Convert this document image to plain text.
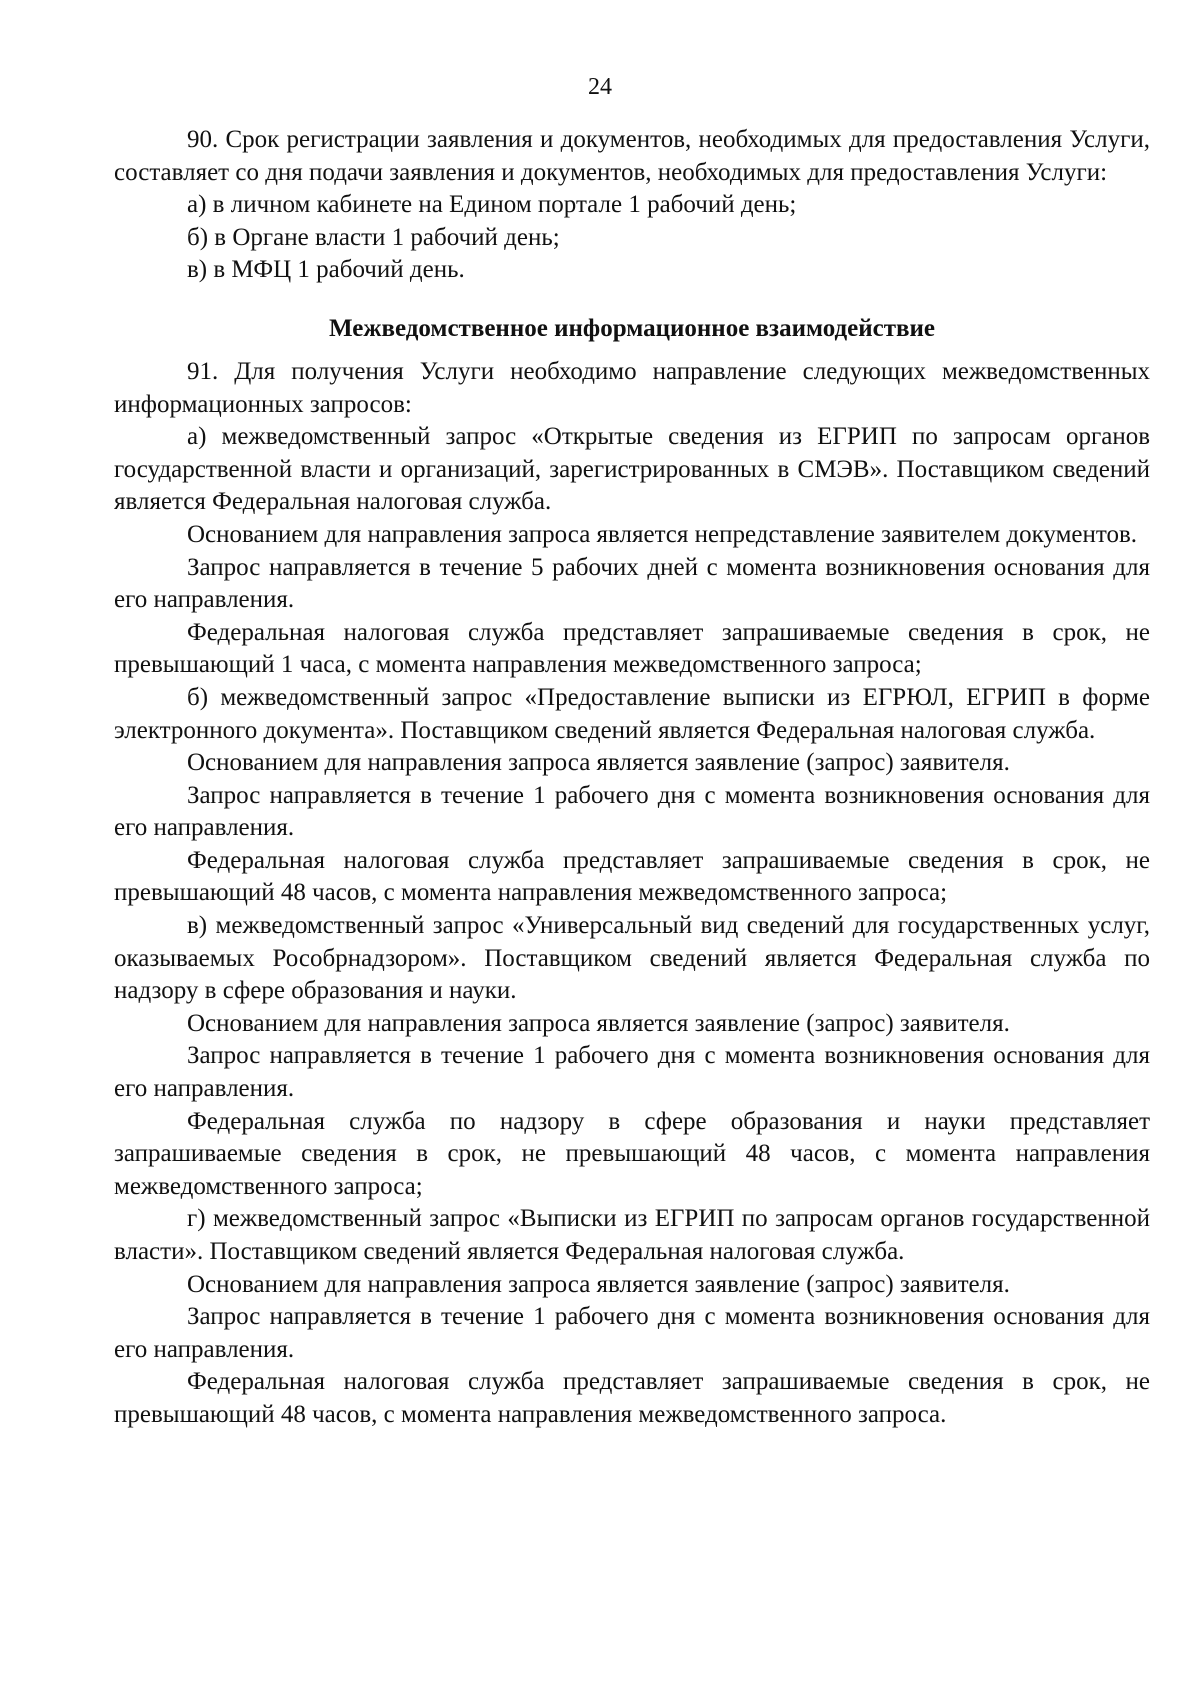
24

90. Срок регистрации заявления и документов, необходимых для предоставления Услуги, составляет со дня подачи заявления и документов, необходимых для предоставления Услуги:

а) в личном кабинете на Едином портале 1 рабочий день;

б) в Органе власти 1 рабочий день;

в) в МФЦ 1 рабочий день.

Межведомственное информационное взаимодействие

91. Для получения Услуги необходимо направление следующих межведомственных информационных запросов:

а) межведомственный запрос «Открытые сведения из ЕГРИП по запросам органов государственной власти и организаций, зарегистрированных в СМЭВ». Поставщиком сведений является Федеральная налоговая служба.

Основанием для направления запроса является непредставление заявителем документов.

Запрос направляется в течение 5 рабочих дней с момента возникновения основания для его направления.

Федеральная налоговая служба представляет запрашиваемые сведения в срок, не превышающий 1 часа, с момента направления межведомственного запроса;

б) межведомственный запрос «Предоставление выписки из ЕГРЮЛ, ЕГРИП в форме электронного документа». Поставщиком сведений является Федеральная налоговая служба.

Основанием для направления запроса является заявление (запрос) заявителя.

Запрос направляется в течение 1 рабочего дня с момента возникновения основания для его направления.

Федеральная налоговая служба представляет запрашиваемые сведения в срок, не превышающий 48 часов, с момента направления межведомственного запроса;

в) межведомственный запрос «Универсальный вид сведений для государственных услуг, оказываемых Рособрнадзором». Поставщиком сведений является Федеральная служба по надзору в сфере образования и науки.

Основанием для направления запроса является заявление (запрос) заявителя.

Запрос направляется в течение 1 рабочего дня с момента возникновения основания для его направления.

Федеральная служба по надзору в сфере образования и науки представляет запрашиваемые сведения в срок, не превышающий 48 часов, с момента направления межведомственного запроса;

г) межведомственный запрос «Выписки из ЕГРИП по запросам органов государственной власти». Поставщиком сведений является Федеральная налоговая служба.

Основанием для направления запроса является заявление (запрос) заявителя.

Запрос направляется в течение 1 рабочего дня с момента возникновения основания для его направления.

Федеральная налоговая служба представляет запрашиваемые сведения в срок, не превышающий 48 часов, с момента направления межведомственного запроса.
